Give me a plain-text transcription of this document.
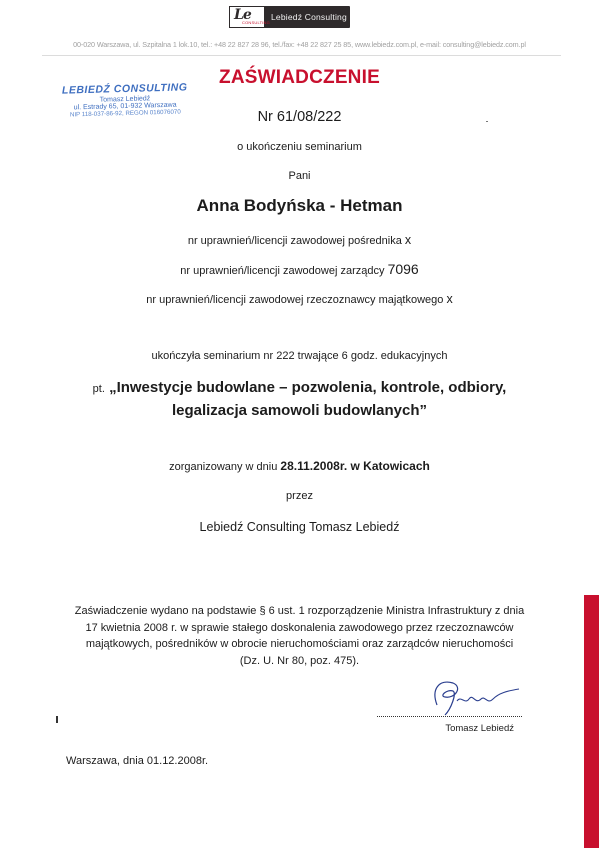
Le
CONSULTING
Lebiedź Consulting
00-020 Warszawa, ul. Szpitalna 1 lok.10, tel.: +48 22 827 28 96, tel./fax: +48 22 827 25 85, www.lebiedz.com.pl, e-mail: consulting@lebiedz.com.pl
LEBIEDŹ CONSULTING
Tomasz Lebiedź
ul. Estrady 65, 01-932 Warszawa
NIP 118-037-86-92, REGON 016076070
ZAŚWIADCZENIE
Nr 61/08/222
o ukończeniu seminarium
Pani
Anna Bodyńska - Hetman
nr uprawnień/licencji zawodowej pośrednika x
nr uprawnień/licencji zawodowej zarządcy 7096
nr uprawnień/licencji zawodowej rzeczoznawcy majątkowego x
ukończyła seminarium nr 222 trwające 6 godz. edukacyjnych
pt. „Inwestycje budowlane – pozwolenia, kontrole, odbiory,
legalizacja samowoli budowlanych”
zorganizowany w dniu 28.11.2008r. w Katowicach
przez
Lebiedź Consulting Tomasz Lebiedź
Zaświadczenie wydano na podstawie § 6 ust. 1 rozporządzenie Ministra Infrastruktury z dnia
17 kwietnia 2008 r. w sprawie stałego doskonalenia zawodowego przez rzeczoznawców
majątkowych, pośredników w obrocie nieruchomościami oraz zarządców nieruchomości
(Dz. U. Nr 80, poz. 475).
Tomasz Lebiedź
Warszawa, dnia 01.12.2008r.
